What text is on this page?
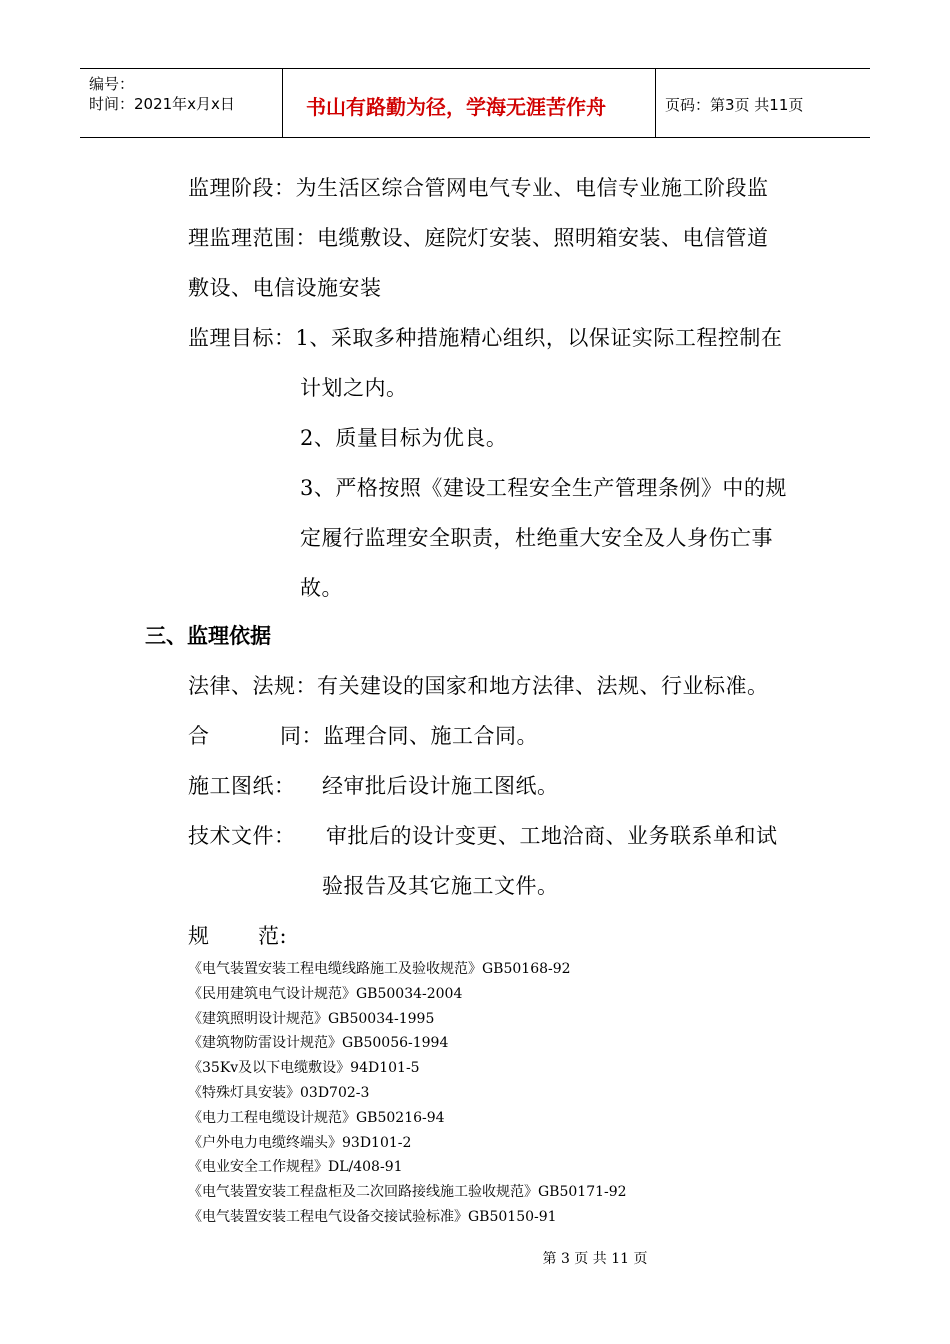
编号：
时间：2021年x月x日	书山有路勤为径，学海无涯苦作舟	页码：第3页 共11页
监理阶段：为生活区综合管网电气专业、电信专业施工阶段监
理监理范围：电缆敷设、庭院灯安装、照明箱安装、电信管道
敷设、电信设施安装
监理目标：1、采取多种措施精心组织，以保证实际工程控制在
计划之内。
2、质量目标为优良。
3、严格按照《建设工程安全生产管理条例》中的规
定履行监理安全职责，杜绝重大安全及人身伤亡事
故。
三、监理依据
法律、法规：有关建设的国家和地方法律、法规、行业标准。
合	同：监理合同、施工合同。
施工图纸： 经审批后设计施工图纸。
技术文件： 审批后的设计变更、工地洽商、业务联系单和试
验报告及其它施工文件。
规 范:
《电气装置安装工程电缆线路施工及验收规范》GB50168-92
《民用建筑电气设计规范》GB50034-2004
《建筑照明设计规范》GB50034-1995
《建筑物防雷设计规范》GB50056-1994
《35Kv及以下电缆敷设》94D101-5
《特殊灯具安装》03D702-3
《电力工程电缆设计规范》GB50216-94
《户外电力电缆终端头》93D101-2
《电业安全工作规程》DL/408-91
《电气装置安装工程盘柜及二次回路接线施工验收规范》GB50171-92
《电气装置安装工程电气设备交接试验标准》GB50150-91
第 3 页 共 11 页
